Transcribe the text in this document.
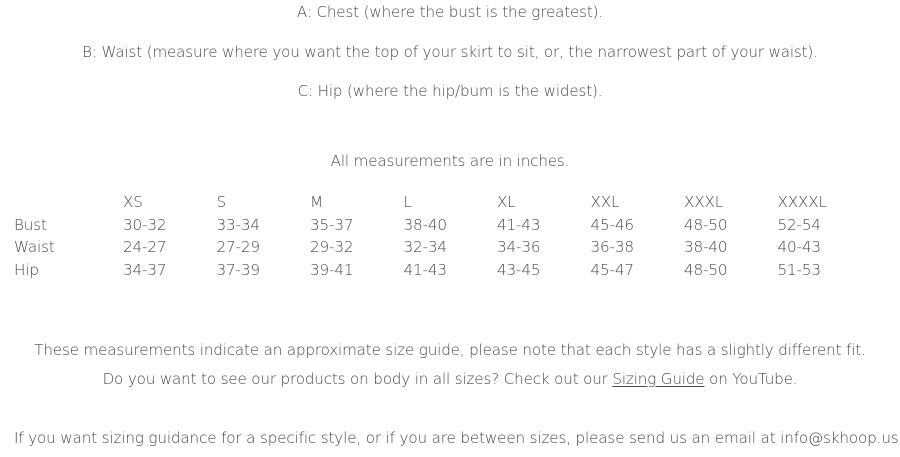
A: Chest (where the bust is the greatest).
B: Waist (measure where you want the top of your skirt to sit, or, the narrowest part of your waist).
C: Hip (where the hip/bum is the widest).
All measurements are in inches.
	XS	S	M	L	XL	XXL	XXXL	XXXXL
Bust	30-32	33-34	35-37	38-40	41-43	45-46	48-50	52-54
Waist	24-27	27-29	29-32	32-34	34-36	36-38	38-40	40-43
Hip	34-37	37-39	39-41	41-43	43-45	45-47	48-50	51-53
These measurements indicate an approximate size guide, please note that each style has a slightly different fit.
Do you want to see our products on body in all sizes? Check out our Sizing Guide on YouTube.
If you want sizing guidance for a specific style, or if you are between sizes, please send us an email at info@skhoop.us
